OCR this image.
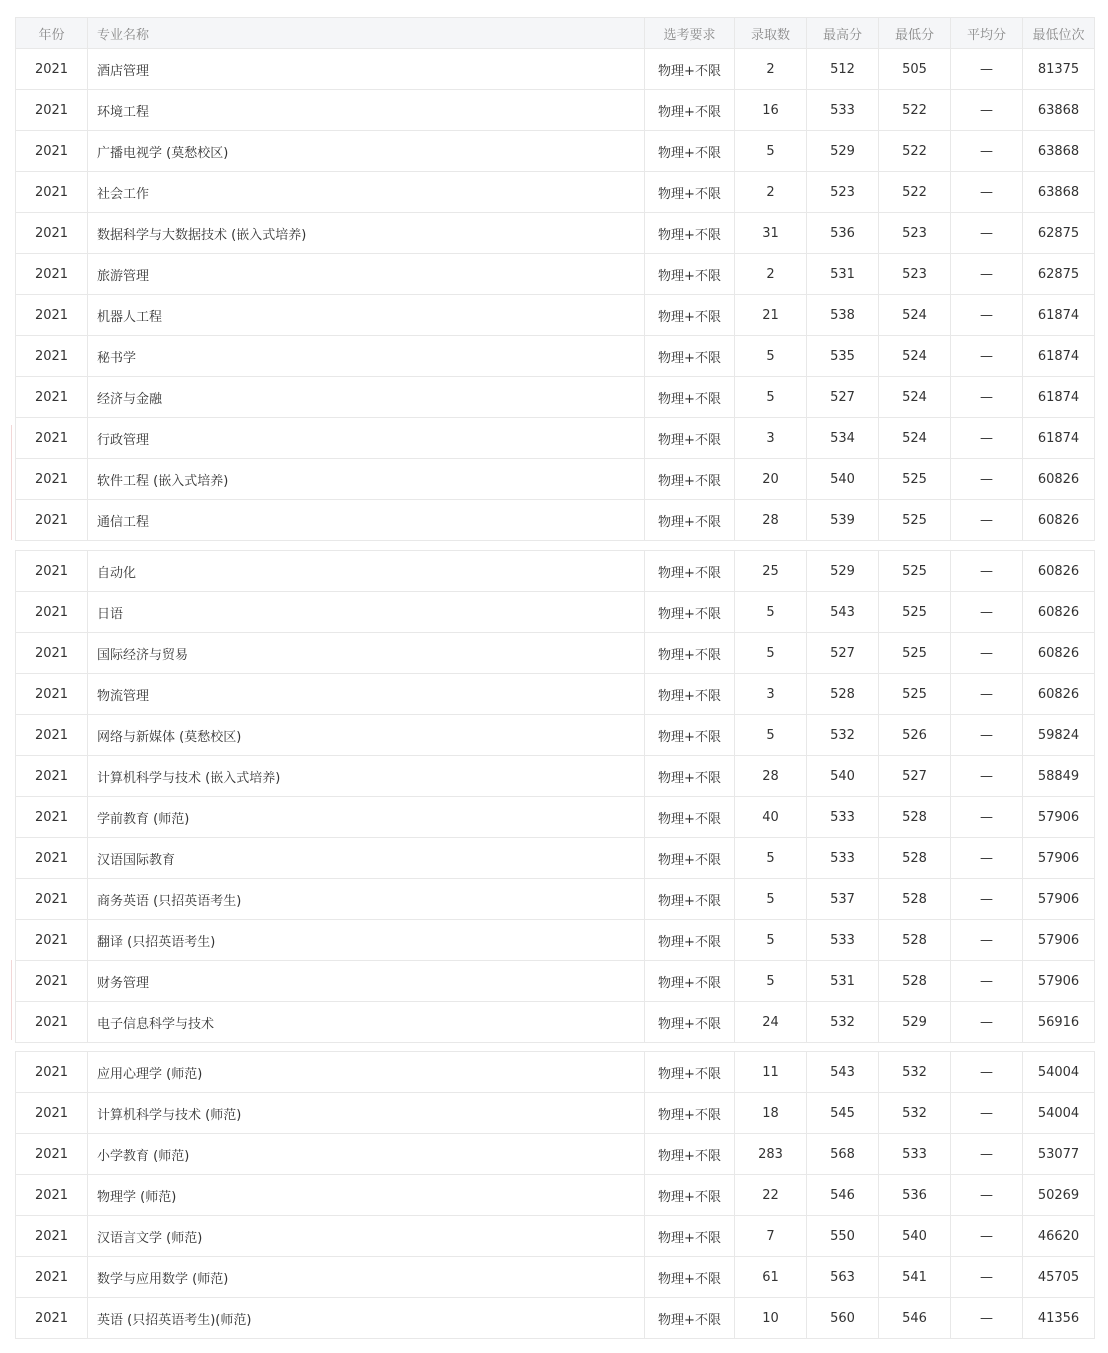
年份	专业名称	选考要求	录取数	最高分	最低分	平均分	最低位次
2021	酒店管理	物理+不限	2	512	505	—	81375
2021	环境工程	物理+不限	16	533	522	—	63868
2021	广播电视学 (莫愁校区)	物理+不限	5	529	522	—	63868
2021	社会工作	物理+不限	2	523	522	—	63868
2021	数据科学与大数据技术 (嵌入式培养)	物理+不限	31	536	523	—	62875
2021	旅游管理	物理+不限	2	531	523	—	62875
2021	机器人工程	物理+不限	21	538	524	—	61874
2021	秘书学	物理+不限	5	535	524	—	61874
2021	经济与金融	物理+不限	5	527	524	—	61874
2021	行政管理	物理+不限	3	534	524	—	61874
2021	软件工程 (嵌入式培养)	物理+不限	20	540	525	—	60826
2021	通信工程	物理+不限	28	539	525	—	60826
2021	自动化	物理+不限	25	529	525	—	60826
2021	日语	物理+不限	5	543	525	—	60826
2021	国际经济与贸易	物理+不限	5	527	525	—	60826
2021	物流管理	物理+不限	3	528	525	—	60826
2021	网络与新媒体 (莫愁校区)	物理+不限	5	532	526	—	59824
2021	计算机科学与技术 (嵌入式培养)	物理+不限	28	540	527	—	58849
2021	学前教育 (师范)	物理+不限	40	533	528	—	57906
2021	汉语国际教育	物理+不限	5	533	528	—	57906
2021	商务英语 (只招英语考生)	物理+不限	5	537	528	—	57906
2021	翻译 (只招英语考生)	物理+不限	5	533	528	—	57906
2021	财务管理	物理+不限	5	531	528	—	57906
2021	电子信息科学与技术	物理+不限	24	532	529	—	56916
2021	应用心理学 (师范)	物理+不限	11	543	532	—	54004
2021	计算机科学与技术 (师范)	物理+不限	18	545	532	—	54004
2021	小学教育 (师范)	物理+不限	283	568	533	—	53077
2021	物理学 (师范)	物理+不限	22	546	536	—	50269
2021	汉语言文学 (师范)	物理+不限	7	550	540	—	46620
2021	数学与应用数学 (师范)	物理+不限	61	563	541	—	45705
2021	英语 (只招英语考生)(师范)	物理+不限	10	560	546	—	41356
